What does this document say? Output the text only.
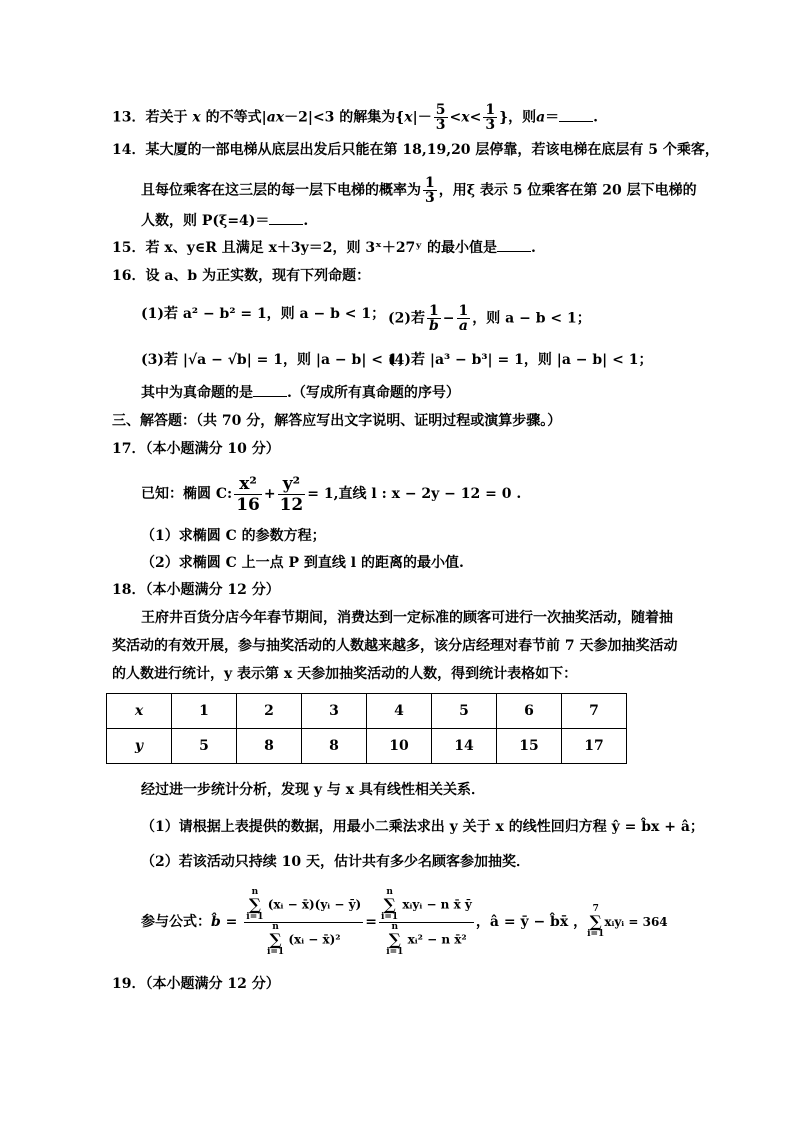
13．若关于 x 的不等式|ax－2|<3 的解集为{$x|- \frac{5}{3} <x< \frac{1}{3}$ }，则a＝ .
14．某大厦的一部电梯从底层出发后只能在第 18,19,20 层停靠，若该电梯在底层有 5 个乘客，
且每位乘客在这三层的每一层下电梯的概率为 $\frac{1}{3}$ ，用ξ 表示 5 位乘客在第 20 层下电梯的
人数，则 P(ξ=4)＝ .
15．若 x、y∈R 且满足 x＋3y＝2，则 3ˣ＋27ʸ 的最小值是 .
16．设 a、b 为正实数，现有下列命题：
(1)若 a² − b² = 1，则 a − b < 1； (2)若 $\frac{1}{b} - \frac{1}{a}$ ，则 a − b < 1；
(3)若 |√a − √b| = 1，则 |a − b| < 1；
(4)若 |a³ − b³| = 1，则 |a − b| < 1；
其中为真命题的是 .（写成所有真命题的序号）
三、解答题：（共 70 分，解答应写出文字说明、证明过程或演算步骤。）
17．（本小题满分 10 分）
已知：椭圆 C: $\frac{\text{x²}}{16} + \frac{\text{y²}}{12} = 1$,直线 l : x − 2y − 12 = 0 .
（1）求椭圆 C 的参数方程；
（2）求椭圆 C 上一点 P 到直线 l 的距离的最小值.
18．（本小题满分 12 分）
王府井百货分店今年春节期间，消费达到一定标准的顾客可进行一次抽奖活动，随着抽
奖活动的有效开展，参与抽奖活动的人数越来越多，该分店经理对春节前 7 天参加抽奖活动
的人数进行统计，y 表示第 x 天参加抽奖活动的人数，得到统计表格如下：
x	1	2	3	4	5	6	7
y	5	8	8	10	14	15	17
经过进一步统计分析，发现 y 与 x 具有线性相关关系．
（1）请根据上表提供的数据，用最小二乘法求出 y 关于 x 的线性回归方程 ŷ = b̂x + â；
（2）若该活动只持续 10 天，估计共有多少名顾客参加抽奖．
参与公式：b̂ = n
∑
i=1 (xᵢ − x̄)(yᵢ − ȳ)
n
∑
i=1 (xᵢ − x̄)² = n
∑
i=1 xᵢyᵢ − n x̄ ȳ
n
∑
i=1 xᵢ² − n x̄² ，â = ȳ − b̂x̄ ，7
∑
i=1xᵢyᵢ = 364
19．（本小题满分 12 分）
